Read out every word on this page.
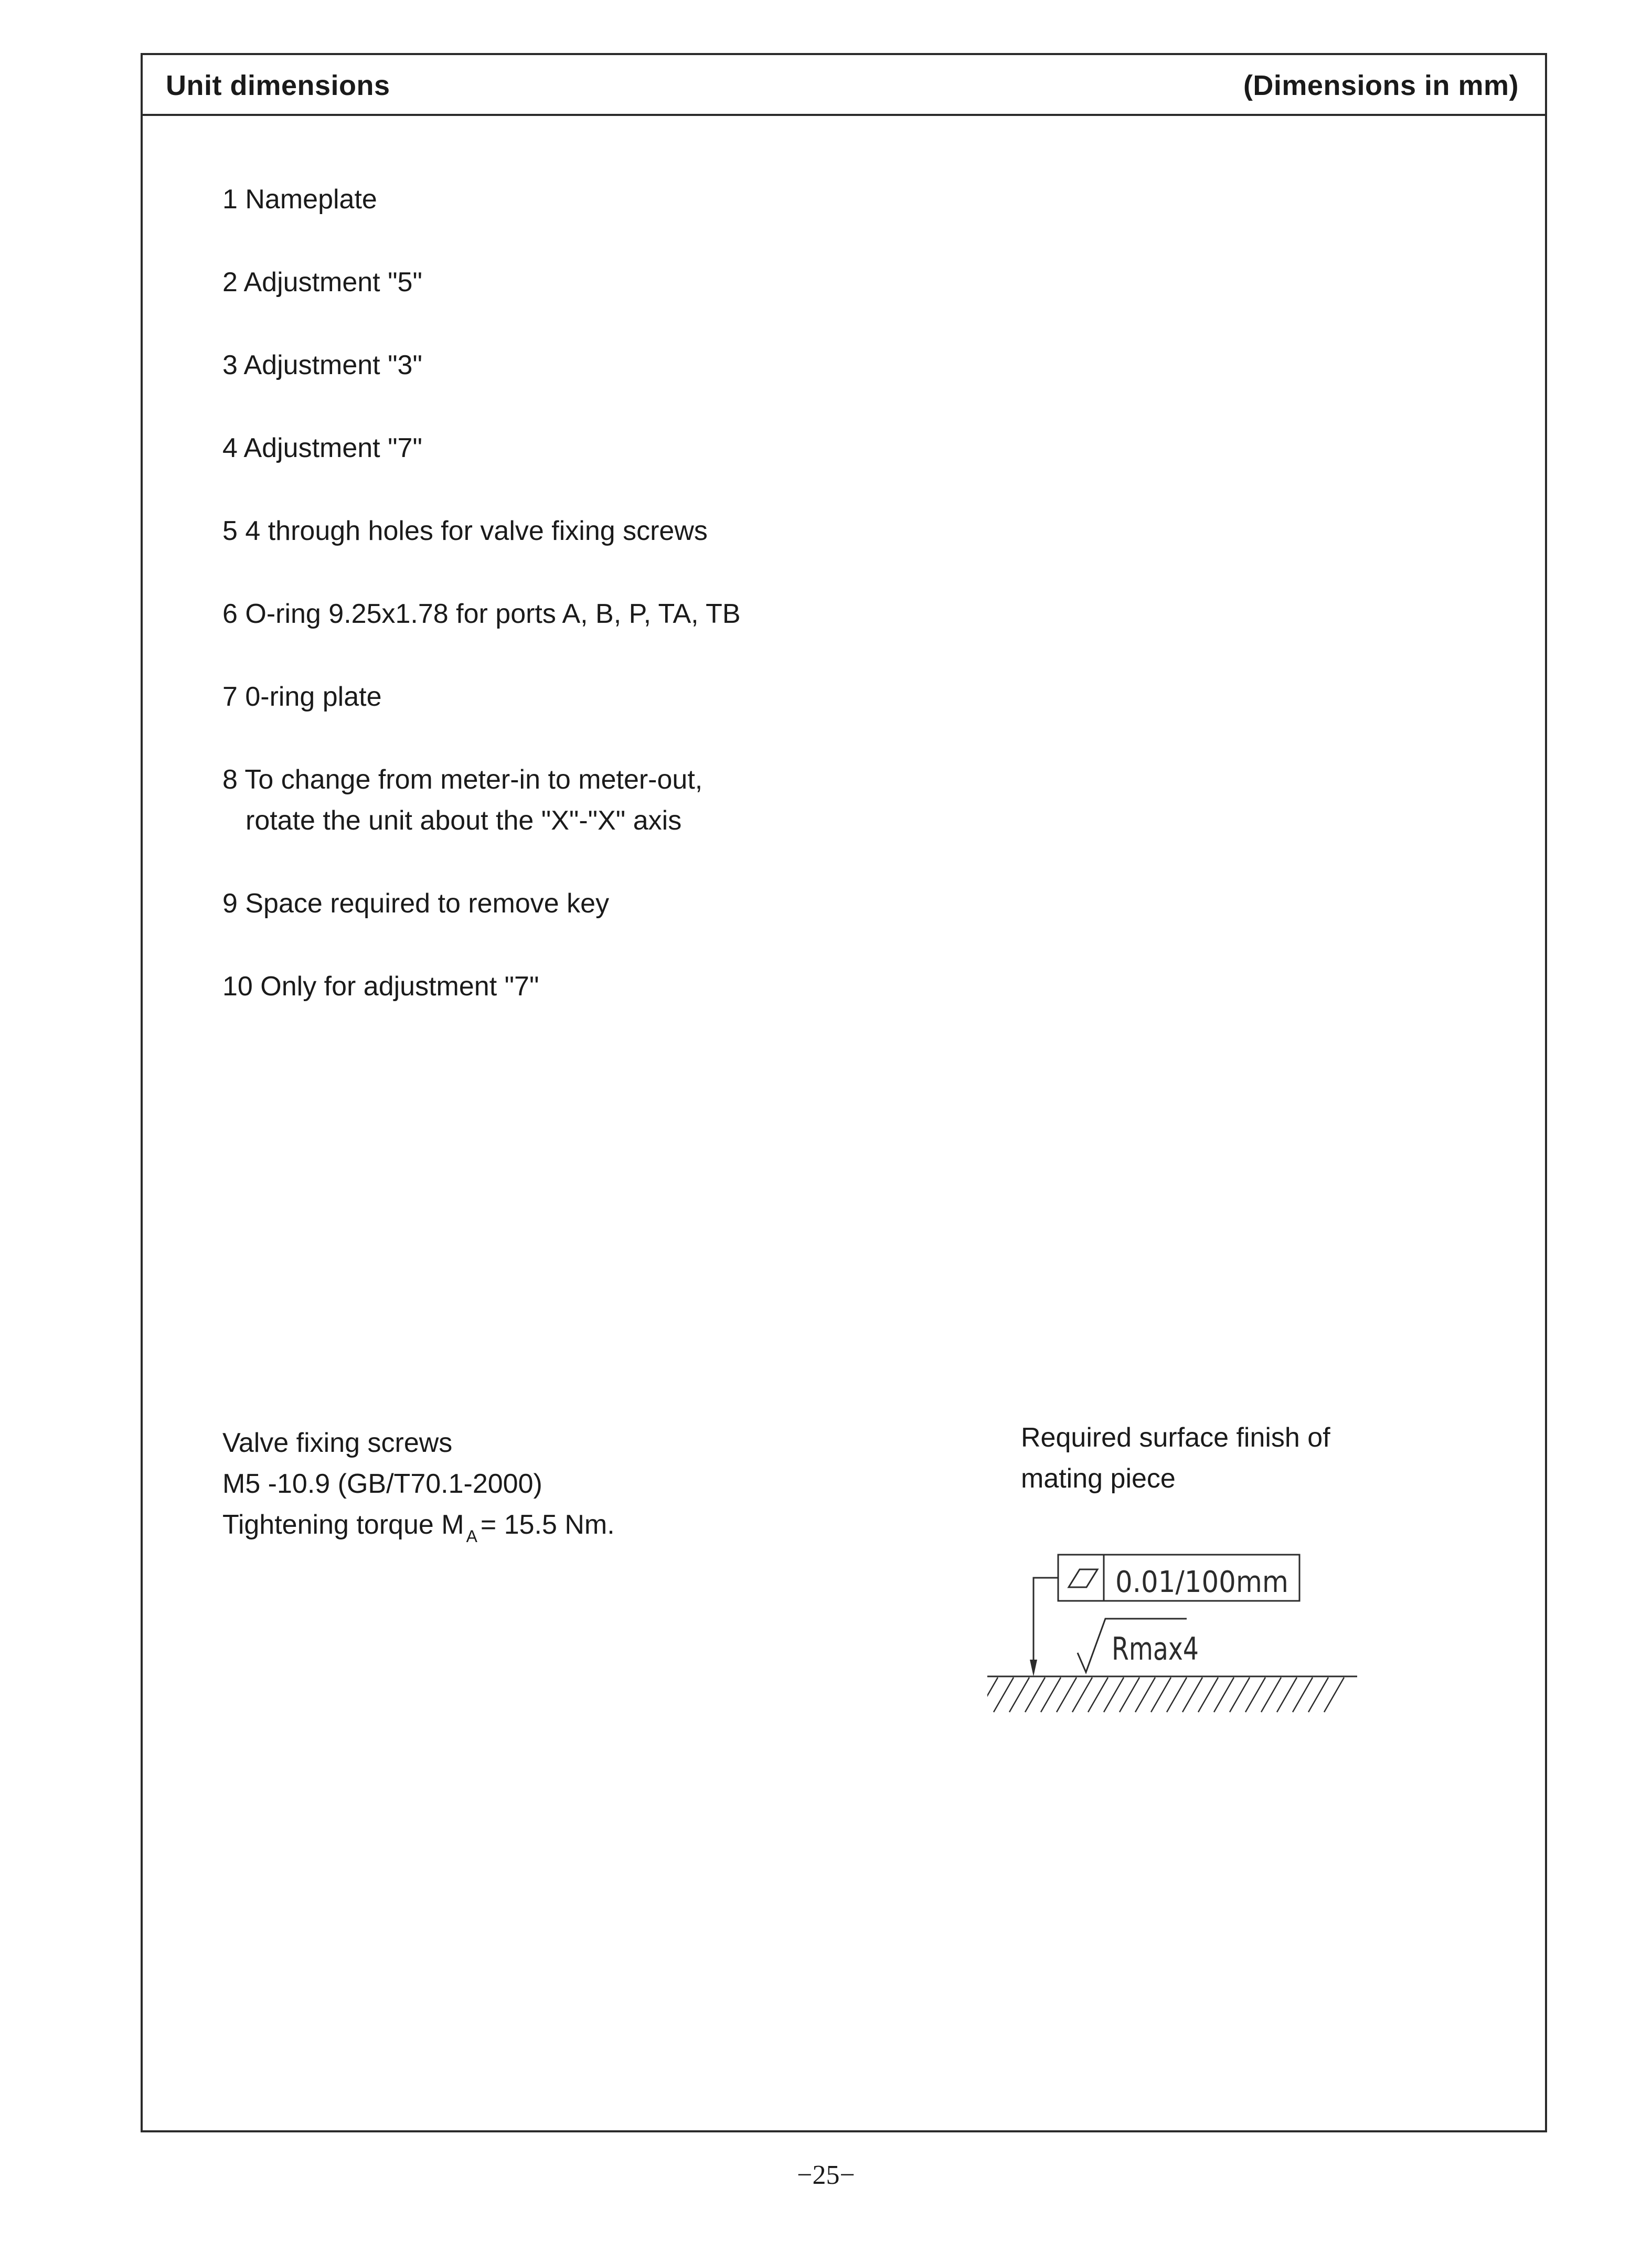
Unit dimensions	(Dimensions in mm)
1 Nameplate
2 Adjustment "5"
3 Adjustment "3"
4 Adjustment "7"
5 4 through holes for valve fixing screws
6 O-ring 9.25x1.78 for ports A, B, P, TA, TB
7 0-ring plate
8 To change from meter-in to meter-out,
rotate the unit about the "X"-"X" axis
9 Space required to remove key
10 Only for adjustment "7"
Valve fixing screws
M5 -10.9 (GB/T70.1-2000)
Tightening torque M $_A$ = 15.5 Nm.
Required surface finish of
mating piece
0.01/100mm
Rmax4
−25−
